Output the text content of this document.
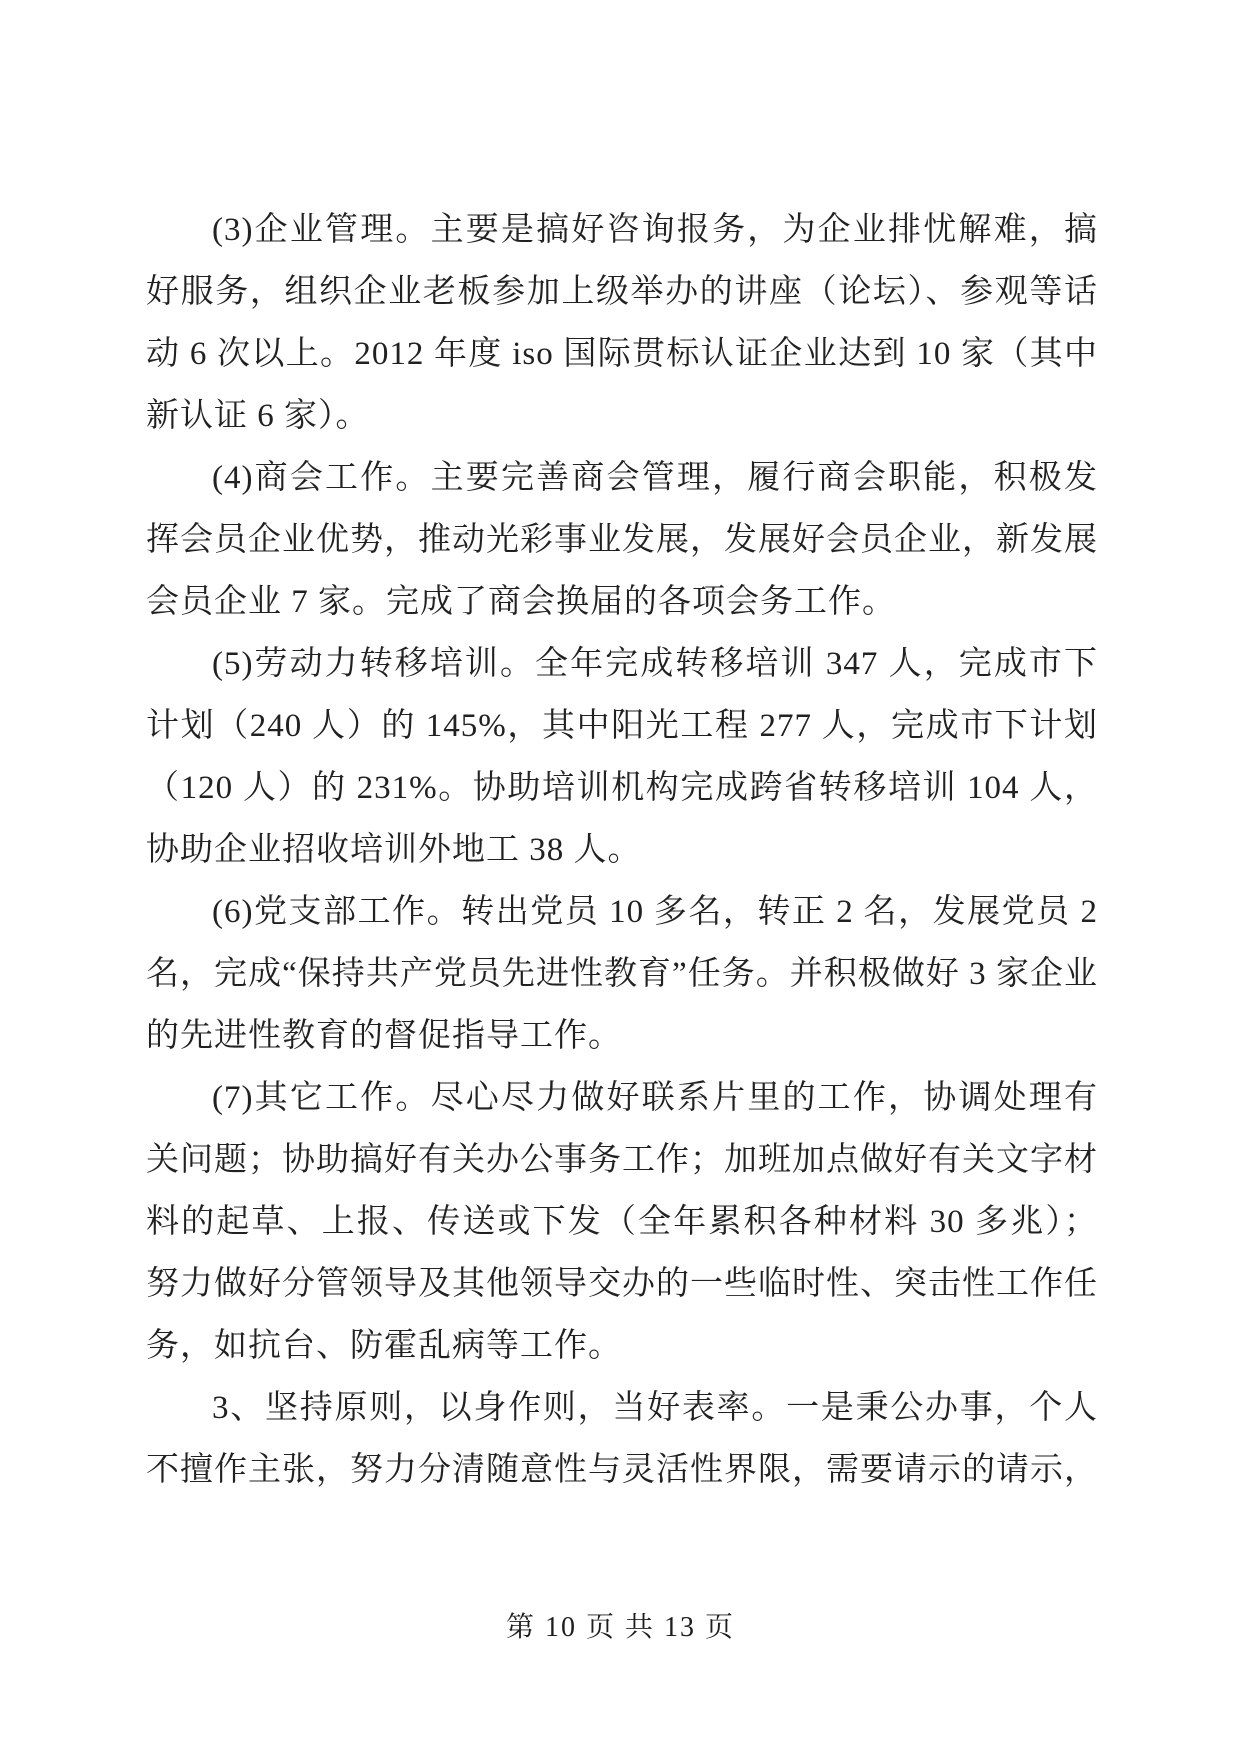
(3)企业管理。主要是搞好咨询报务，为企业排忧解难，搞好服务，组织企业老板参加上级举办的讲座（论坛）、参观等话动 6 次以上。2012 年度 iso 国际贯标认证企业达到 10 家（其中新认证 6 家）。

(4)商会工作。主要完善商会管理，履行商会职能，积极发挥会员企业优势，推动光彩事业发展，发展好会员企业，新发展会员企业 7 家。完成了商会换届的各项会务工作。

(5)劳动力转移培训。全年完成转移培训 347 人，完成市下计划（240 人）的 145%，其中阳光工程 277 人，完成市下计划（120 人）的 231%。协助培训机构完成跨省转移培训 104 人，协助企业招收培训外地工 38 人。

(6)党支部工作。转出党员 10 多名，转正 2 名，发展党员 2 名，完成“保持共产党员先进性教育”任务。并积极做好 3 家企业的先进性教育的督促指导工作。

(7)其它工作。尽心尽力做好联系片里的工作，协调处理有关问题；协助搞好有关办公事务工作；加班加点做好有关文字材料的起草、上报、传送或下发（全年累积各种材料 30 多兆）；努力做好分管领导及其他领导交办的一些临时性、突击性工作任务，如抗台、防霍乱病等工作。

3、坚持原则，以身作则，当好表率。一是秉公办事，个人不擅作主张，努力分清随意性与灵活性界限，需要请示的请示，

第 10 页 共 13 页
